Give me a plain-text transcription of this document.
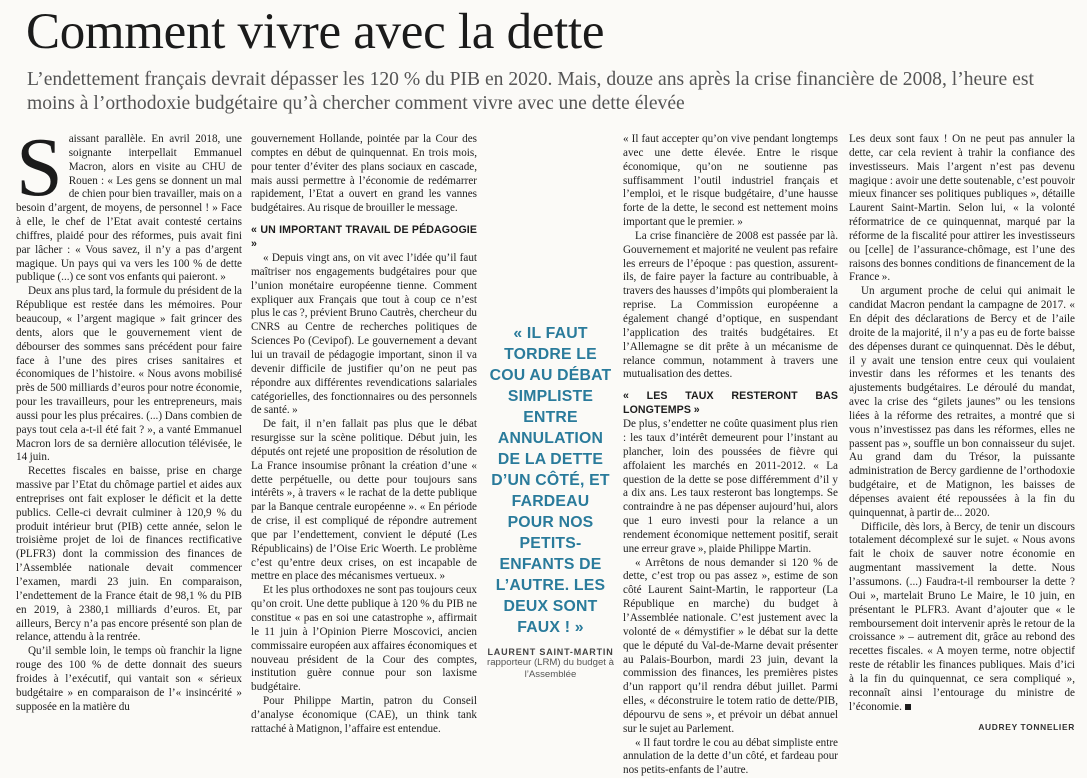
Comment vivre avec la dette

L’endettement français devrait dépasser les 120 % du PIB en 2020. Mais, douze ans après la crise financière de 2008, l’heure est moins à l’orthodoxie budgétaire qu’à chercher comment vivre avec une dette élevée

Saissant parallèle. En avril 2018, une soignante interpellait Emmanuel Macron, alors en visite au CHU de Rouen : « Les gens se donnent un mal de chien pour bien travailler, mais on a besoin d’argent, de moyens, de personnel ! » Face à elle, le chef de l’Etat avait contesté certains chiffres, plaidé pour des réformes, puis avait fini par lâcher : « Vous savez, il n’y a pas d’argent magique. Un pays qui va vers les 100 % de dette publique (...) ce sont vos enfants qui paieront. »

Deux ans plus tard, la formule du président de la République est restée dans les mémoires. Pour beaucoup, « l’argent magique » fait grincer des dents, alors que le gouvernement vient de débourser des sommes sans précédent pour faire face à l’une des pires crises sanitaires et économiques de l’histoire. « Nous avons mobilisé près de 500 milliards d’euros pour notre économie, pour les travailleurs, pour les entrepreneurs, mais aussi pour les plus précaires. (...) Dans combien de pays tout cela a-t-il été fait ? », a vanté Emmanuel Macron lors de sa dernière allocution télévisée, le 14 juin.

Recettes fiscales en baisse, prise en charge massive par l’Etat du chômage partiel et aides aux entreprises ont fait exploser le déficit et la dette publics. Celle-ci devrait culminer à 120,9 % du produit intérieur brut (PIB) cette année, selon le troisième projet de loi de finances rectificative (PLFR3) dont la commission des finances de l’Assemblée nationale devait commencer l’examen, mardi 23 juin. En comparaison, l’endettement de la France était de 98,1 % du PIB en 2019, à 2380,1 milliards d’euros. Et, par ailleurs, Bercy n’a pas encore présenté son plan de relance, attendu à la rentrée.

Qu’il semble loin, le temps où franchir la ligne rouge des 100 % de dette donnait des sueurs froides à l’exécutif, qui vantait son « sérieux budgétaire » en comparaison de l’« insincérité » supposée en la matière du

gouvernement Hollande, pointée par la Cour des comptes en début de quinquennat. En trois mois, pour tenter d’éviter des plans sociaux en cascade, mais aussi permettre à l’économie de redémarrer rapidement, l’Etat a ouvert en grand les vannes budgétaires. Au risque de brouiller le message.

« UN IMPORTANT TRAVAIL DE PÉDAGOGIE »

« Depuis vingt ans, on vit avec l’idée qu’il faut maîtriser nos engagements budgétaires pour que l’union monétaire européenne tienne. Comment expliquer aux Français que tout à coup ce n’est plus le cas ?, prévient Bruno Cautrès, chercheur du CNRS au Centre de recherches politiques de Sciences Po (Cevipof). Le gouvernement a devant lui un travail de pédagogie important, sinon il va devenir difficile de justifier qu’on ne peut pas répondre aux différentes revendications salariales catégorielles, des fonctionnaires ou des personnels de santé. »

De fait, il n’en fallait pas plus que le débat resurgisse sur la scène politique. Début juin, les députés ont rejeté une proposition de résolution de La France insoumise prônant la création d’une « dette perpétuelle, ou dette pour toujours sans intérêts », à travers « le rachat de la dette publique par la Banque centrale européenne ». « En période de crise, il est compliqué de répondre autrement que par l’endettement, convient le député (Les Républicains) de l’Oise Eric Woerth. Le problème c’est qu’entre deux crises, on est incapable de mettre en place des mécanismes vertueux. »

Et les plus orthodoxes ne sont pas toujours ceux qu’on croit. Une dette publique à 120 % du PIB ne constitue « pas en soi une catastrophe », affirmait le 11 juin à l’Opinion Pierre Moscovici, ancien commissaire européen aux affaires économiques et nouveau président de la Cour des comptes, institution guère connue pour son laxisme budgétaire.

Pour Philippe Martin, patron du Conseil d’analyse économique (CAE), un think tank rattaché à Matignon, l’affaire est entendue.

« IL FAUT TORDRE LE COU AU DÉBAT SIMPLISTE ENTRE ANNULATION DE LA DETTE D’UN CÔTÉ, ET FARDEAU POUR NOS PETITS-ENFANTS DE L’AUTRE. LES DEUX SONT FAUX ! »

LAURENT SAINT-MARTIN
rapporteur (LRM) du budget à l’Assemblée

« Il faut accepter qu’on vive pendant longtemps avec une dette élevée. Entre le risque économique, qu’on ne soutienne pas suffisamment l’outil industriel français et l’emploi, et le risque budgétaire, d’une hausse forte de la dette, le second est nettement moins important que le premier. »

La crise financière de 2008 est passée par là. Gouvernement et majorité ne veulent pas refaire les erreurs de l’époque : pas question, assurent-ils, de faire payer la facture au contribuable, à travers des hausses d’impôts qui plomberaient la reprise. La Commission européenne a également changé d’optique, en suspendant l’application des traités budgétaires. Et l’Allemagne se dit prête à un mécanisme de relance commun, notamment à travers une mutualisation des dettes.

« LES TAUX RESTERONT BAS LONGTEMPS »

De plus, s’endetter ne coûte quasiment plus rien : les taux d’intérêt demeurent pour l’instant au plancher, loin des poussées de fièvre qui affolaient les marchés en 2011-2012. « La question de la dette se pose différemment d’il y a dix ans. Les taux resteront bas longtemps. Se contraindre à ne pas dépenser aujourd’hui, alors que 1 euro investi pour la relance a un rendement économique nettement positif, serait une erreur grave », plaide Philippe Martin.

« Arrêtons de nous demander si 120 % de dette, c’est trop ou pas assez », estime de son côté Laurent Saint-Martin, le rapporteur (La République en marche) du budget à l’Assemblée nationale. C’est justement avec la volonté de « démystifier » le débat sur la dette que le député du Val-de-Marne devait présenter au Palais-Bourbon, mardi 23 juin, devant la commission des finances, les premières pistes d’un rapport qu’il rendra début juillet. Parmi elles, « déconstruire le totem ratio de dette/PIB, dépourvu de sens », et prévoir un débat annuel sur le sujet au Parlement.

« Il faut tordre le cou au débat simpliste entre annulation de la dette d’un côté, et fardeau pour nos petits-enfants de l’autre.

Les deux sont faux ! On ne peut pas annuler la dette, car cela revient à trahir la confiance des investisseurs. Mais l’argent n’est pas devenu magique : avoir une dette soutenable, c’est pouvoir mieux financer ses politiques publiques », détaille Laurent Saint-Martin. Selon lui, « la volonté réformatrice de ce quinquennat, marqué par la réforme de la fiscalité pour attirer les investisseurs ou [celle] de l’assurance-chômage, est l’une des raisons des bonnes conditions de financement de la France ».

Un argument proche de celui qui animait le candidat Macron pendant la campagne de 2017. « En dépit des déclarations de Bercy et de l’aile droite de la majorité, il n’y a pas eu de forte baisse des dépenses durant ce quinquennat. Dès le début, il y avait une tension entre ceux qui voulaient investir dans les réformes et les tenants des ajustements budgétaires. Le déroulé du mandat, avec la crise des “gilets jaunes” ou les tensions liées à la réforme des retraites, a montré que si vous n’investissez pas dans les réformes, elles ne passent pas », souffle un bon connaisseur du sujet. Au grand dam du Trésor, la puissante administration de Bercy gardienne de l’orthodoxie budgétaire, et de Matignon, les baisses de dépenses avaient été repoussées à la fin du quinquennat, à partir de... 2020.

Difficile, dès lors, à Bercy, de tenir un discours totalement décomplexé sur le sujet. « Nous avons fait le choix de sauver notre économie en augmentant massivement la dette. Nous l’assumons. (...) Faudra-t-il rembourser la dette ? Oui », martelait Bruno Le Maire, le 10 juin, en présentant le PLFR3. Avant d’ajouter que « le remboursement doit intervenir après le retour de la croissance » – autrement dit, grâce au rebond des recettes fiscales. « A moyen terme, notre objectif reste de rétablir les finances publiques. Mais d’ici à la fin du quinquennat, ce sera compliqué », reconnaît ainsi l’entourage du ministre de l’économie.

AUDREY TONNELIER
